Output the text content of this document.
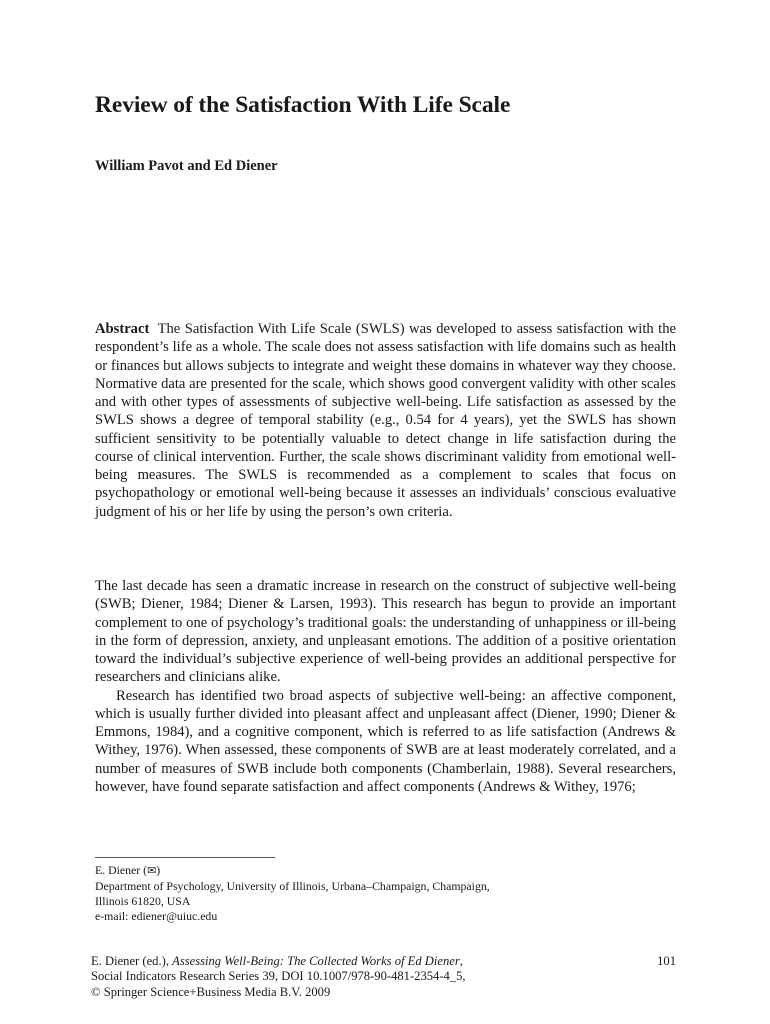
Review of the Satisfaction With Life Scale

William Pavot and Ed Diener

Abstract The Satisfaction With Life Scale (SWLS) was developed to assess satisfaction with the respondent’s life as a whole. The scale does not assess satisfaction with life domains such as health or finances but allows subjects to integrate and weight these domains in whatever way they choose. Normative data are presented for the scale, which shows good convergent validity with other scales and with other types of assessments of subjective well-being. Life satisfaction as assessed by the SWLS shows a degree of temporal stability (e.g., 0.54 for 4 years), yet the SWLS has shown sufficient sensitivity to be potentially valuable to detect change in life satisfaction during the course of clinical intervention. Further, the scale shows discriminant validity from emotional well-being measures. The SWLS is recommended as a complement to scales that focus on psychopathology or emotional well-being because it assesses an individuals’ conscious evaluative judgment of his or her life by using the person’s own criteria.

The last decade has seen a dramatic increase in research on the construct of subjective well-being (SWB; Diener, 1984; Diener & Larsen, 1993). This research has begun to provide an important complement to one of psychology’s traditional goals: the understanding of unhappiness or ill-being in the form of depression, anxiety, and unpleasant emotions. The addition of a positive orientation toward the individual’s subjective experience of well-being provides an additional perspective for researchers and clinicians alike.

Research has identified two broad aspects of subjective well-being: an affective component, which is usually further divided into pleasant affect and unpleasant affect (Diener, 1990; Diener & Emmons, 1984), and a cognitive component, which is referred to as life satisfaction (Andrews & Withey, 1976). When assessed, these components of SWB are at least moderately correlated, and a number of measures of SWB include both components (Chamberlain, 1988). Several researchers, however, have found separate satisfaction and affect components (Andrews & Withey, 1976;

E. Diener (✉)
Department of Psychology, University of Illinois, Urbana–Champaign, Champaign,
Illinois 61820, USA
e-mail: ediener@uiuc.edu
E. Diener (ed.), Assessing Well-Being: The Collected Works of Ed Diener,
Social Indicators Research Series 39, DOI 10.1007/978-90-481-2354-4_5,
© Springer Science+Business Media B.V. 2009
101
